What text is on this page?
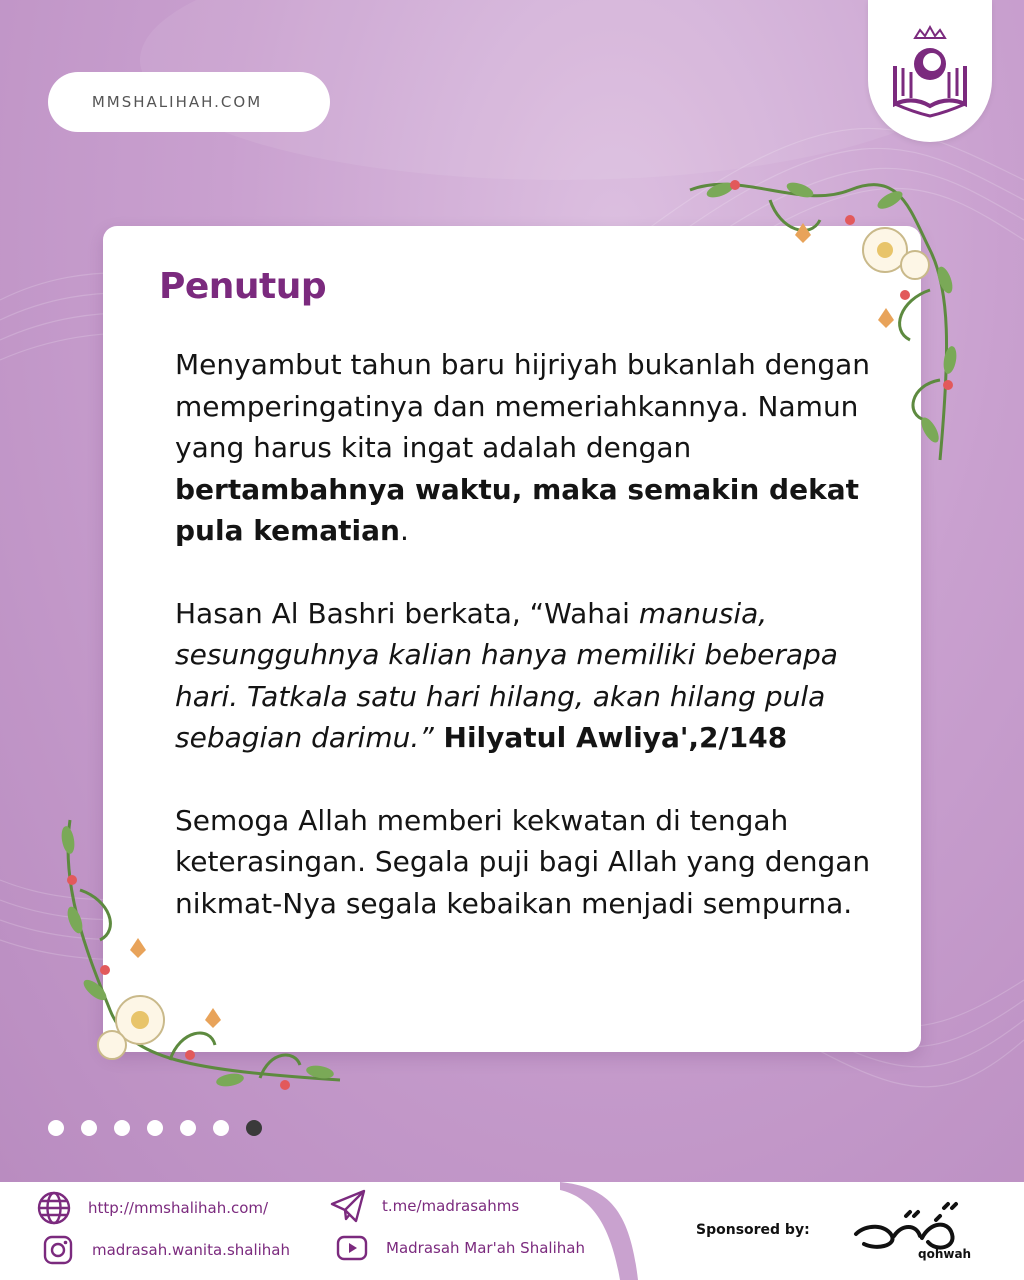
MMSHALIHAH.COM
Penutup

Menyambut tahun baru hijriyah bukanlah dengan memperingatinya dan memeriahkannya. Namun yang harus kita ingat adalah dengan bertambahnya waktu, maka semakin dekat pula kematian.

Hasan Al Bashri berkata, “Wahai manusia, sesungguhnya kalian hanya memiliki beberapa hari. Tatkala satu hari hilang, akan hilang pula sebagian darimu.” Hilyatul Awliya',2/148

Semoga Allah memberi kekwatan di tengah keterasingan. Segala puji bagi Allah yang dengan nikmat-Nya segala kebaikan menjadi sempurna.

http://mmshalihah.com/
madrasah.wanita.shalihah
t.me/madrasahms
Madrasah Mar'ah Shalihah
Sponsored by:
qohwah
